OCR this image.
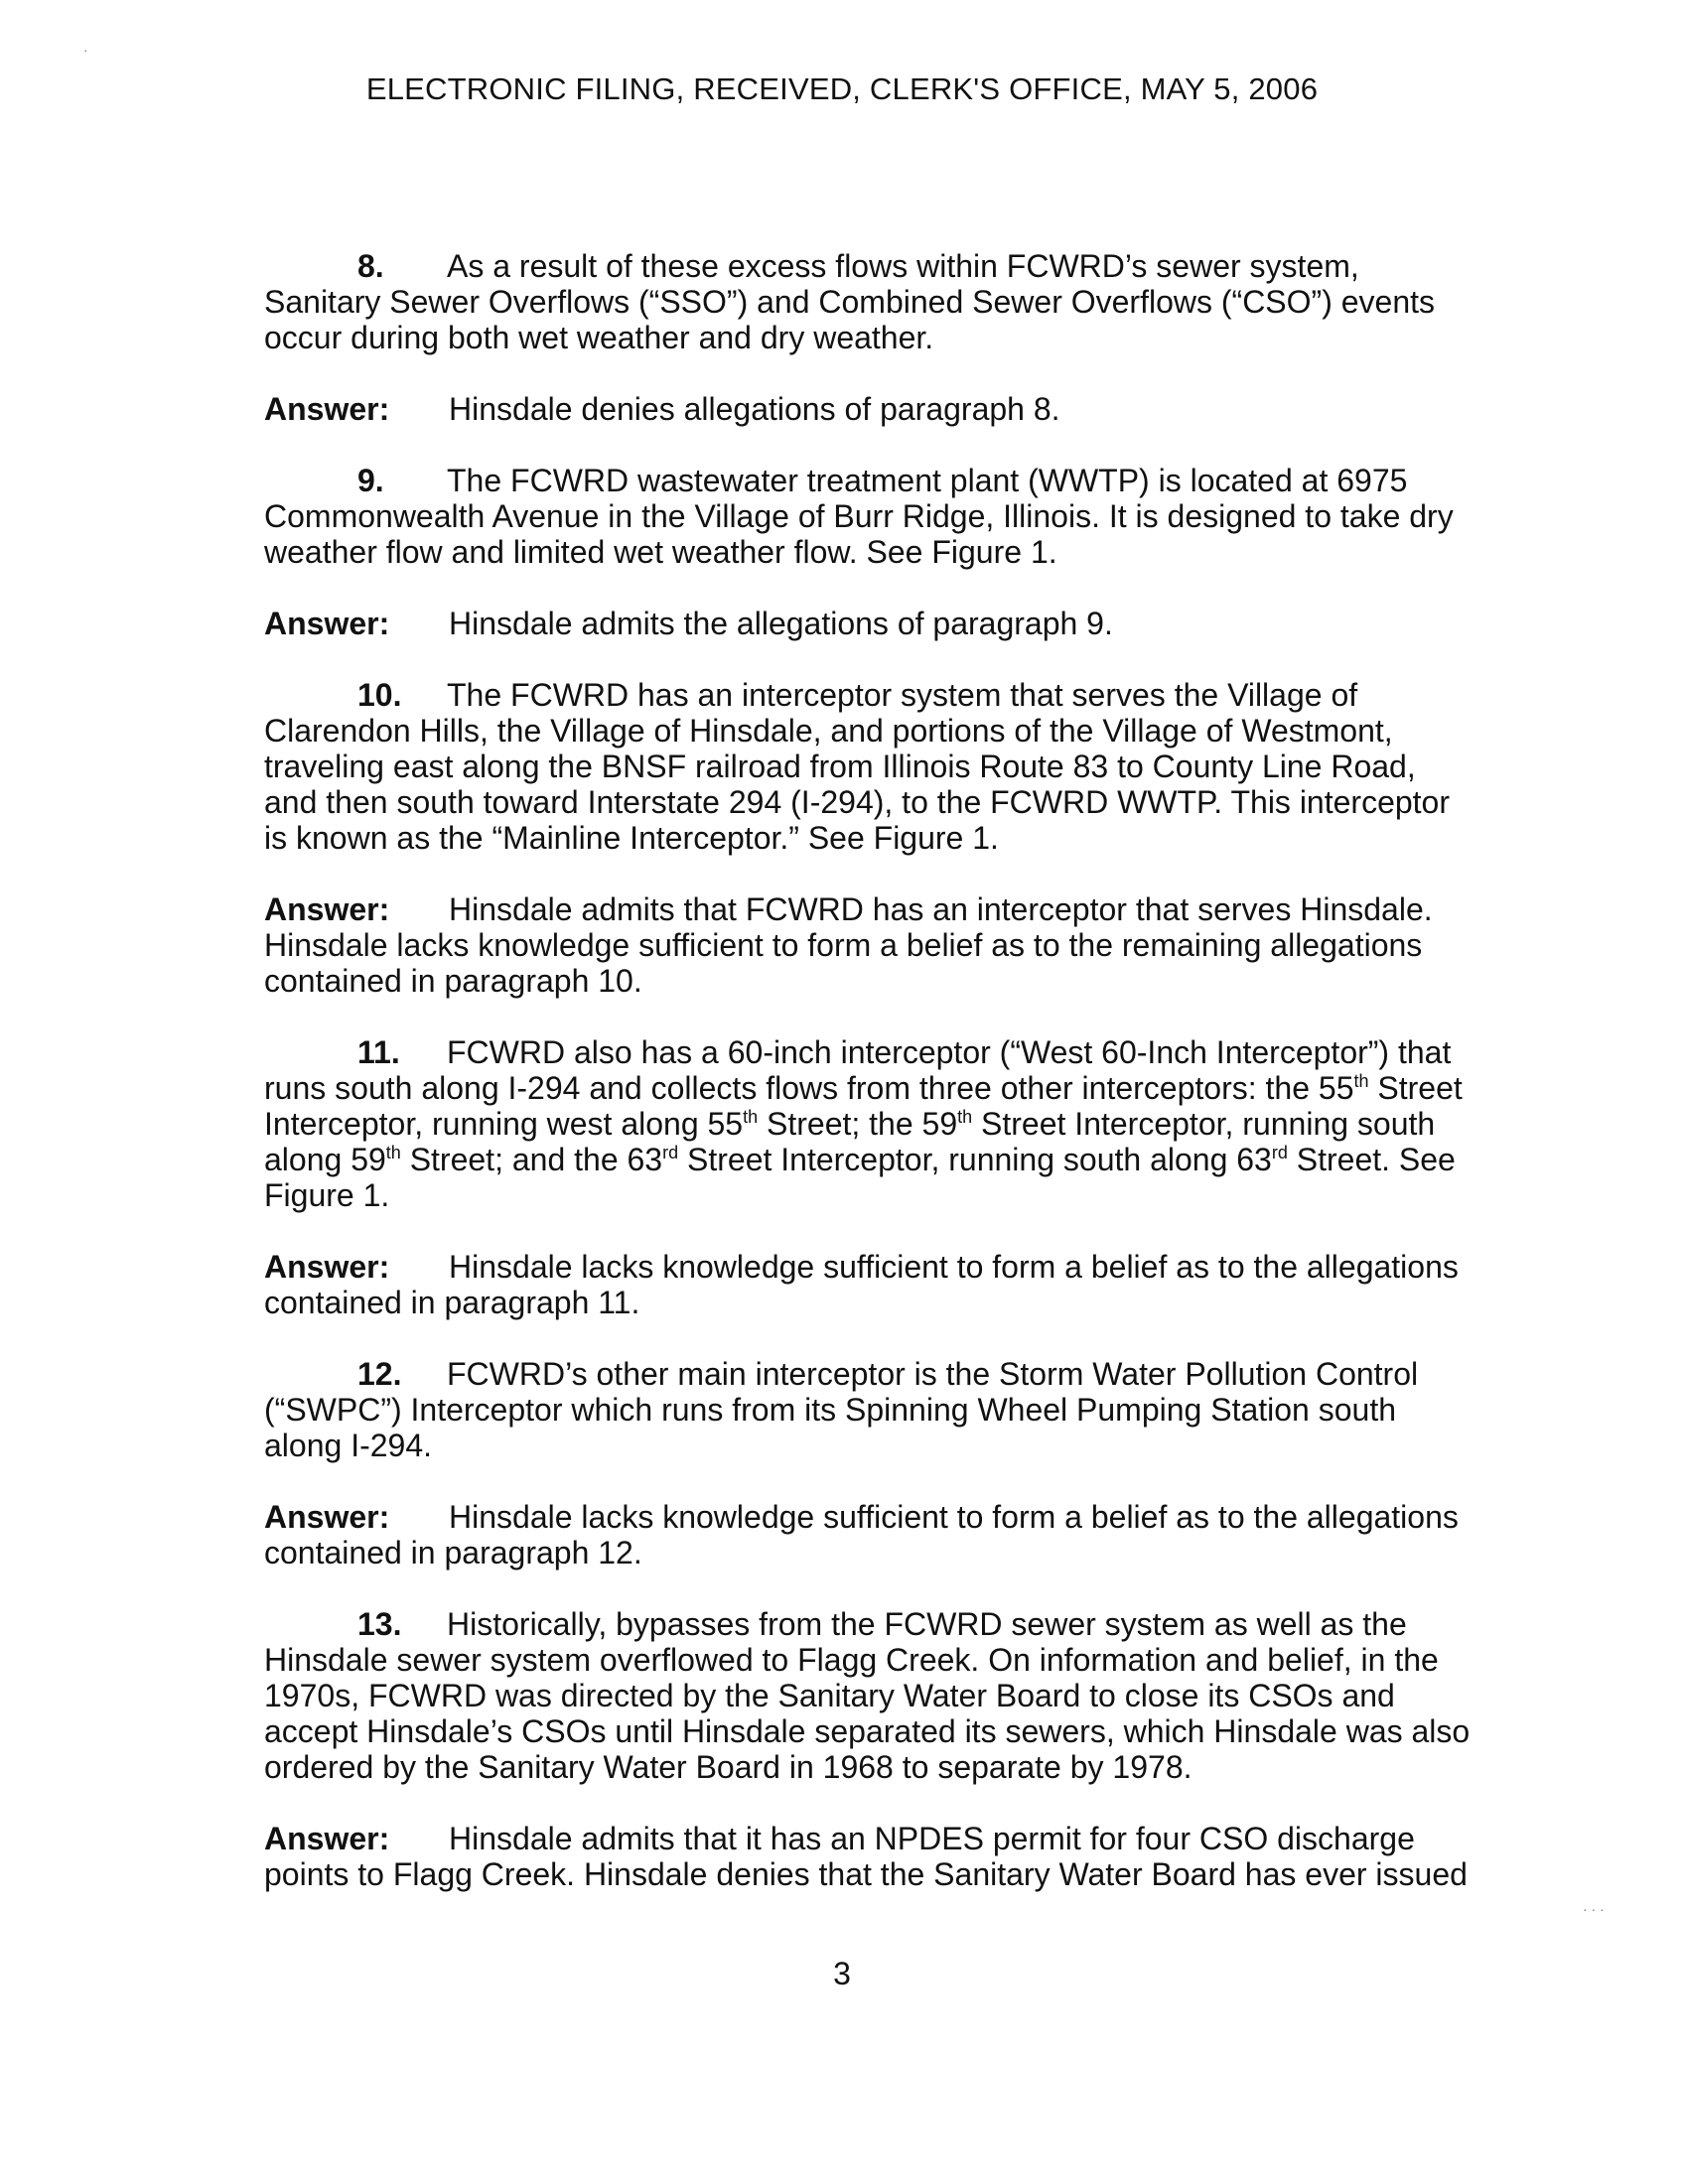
ELECTRONIC FILING, RECEIVED, CLERK'S OFFICE, MAY 5, 2006
·
· · ·

8. As a result of these excess flows within FCWRD’s sewer system, Sanitary Sewer Overflows (“SSO”) and Combined Sewer Overflows (“CSO”) events occur during both wet weather and dry weather.

Answer: Hinsdale denies allegations of paragraph 8.

9. The FCWRD wastewater treatment plant (WWTP) is located at 6975 Commonwealth Avenue in the Village of Burr Ridge, Illinois. It is designed to take dry weather flow and limited wet weather flow. See Figure 1.

Answer: Hinsdale admits the allegations of paragraph 9.

10. The FCWRD has an interceptor system that serves the Village of Clarendon Hills, the Village of Hinsdale, and portions of the Village of Westmont, traveling east along the BNSF railroad from Illinois Route 83 to County Line Road, and then south toward Interstate 294 (I-294), to the FCWRD WWTP. This interceptor is known as the “Mainline Interceptor.” See Figure 1.

Answer: Hinsdale admits that FCWRD has an interceptor that serves Hinsdale. Hinsdale lacks knowledge sufficient to form a belief as to the remaining allegations contained in paragraph 10.

11. FCWRD also has a 60-inch interceptor (“West 60-Inch Interceptor”) that runs south along I-294 and collects flows from three other interceptors: the 55th Street Interceptor, running west along 55th Street; the 59th Street Interceptor, running south along 59th Street; and the 63rd Street Interceptor, running south along 63rd Street. See Figure 1.

Answer: Hinsdale lacks knowledge sufficient to form a belief as to the allegations contained in paragraph 11.

12. FCWRD’s other main interceptor is the Storm Water Pollution Control (“SWPC”) Interceptor which runs from its Spinning Wheel Pumping Station south along I-294.

Answer: Hinsdale lacks knowledge sufficient to form a belief as to the allegations contained in paragraph 12.

13. Historically, bypasses from the FCWRD sewer system as well as the Hinsdale sewer system overflowed to Flagg Creek. On information and belief, in the 1970s, FCWRD was directed by the Sanitary Water Board to close its CSOs and accept Hinsdale’s CSOs until Hinsdale separated its sewers, which Hinsdale was also ordered by the Sanitary Water Board in 1968 to separate by 1978.

Answer: Hinsdale admits that it has an NPDES permit for four CSO discharge points to Flagg Creek. Hinsdale denies that the Sanitary Water Board has ever issued

3
